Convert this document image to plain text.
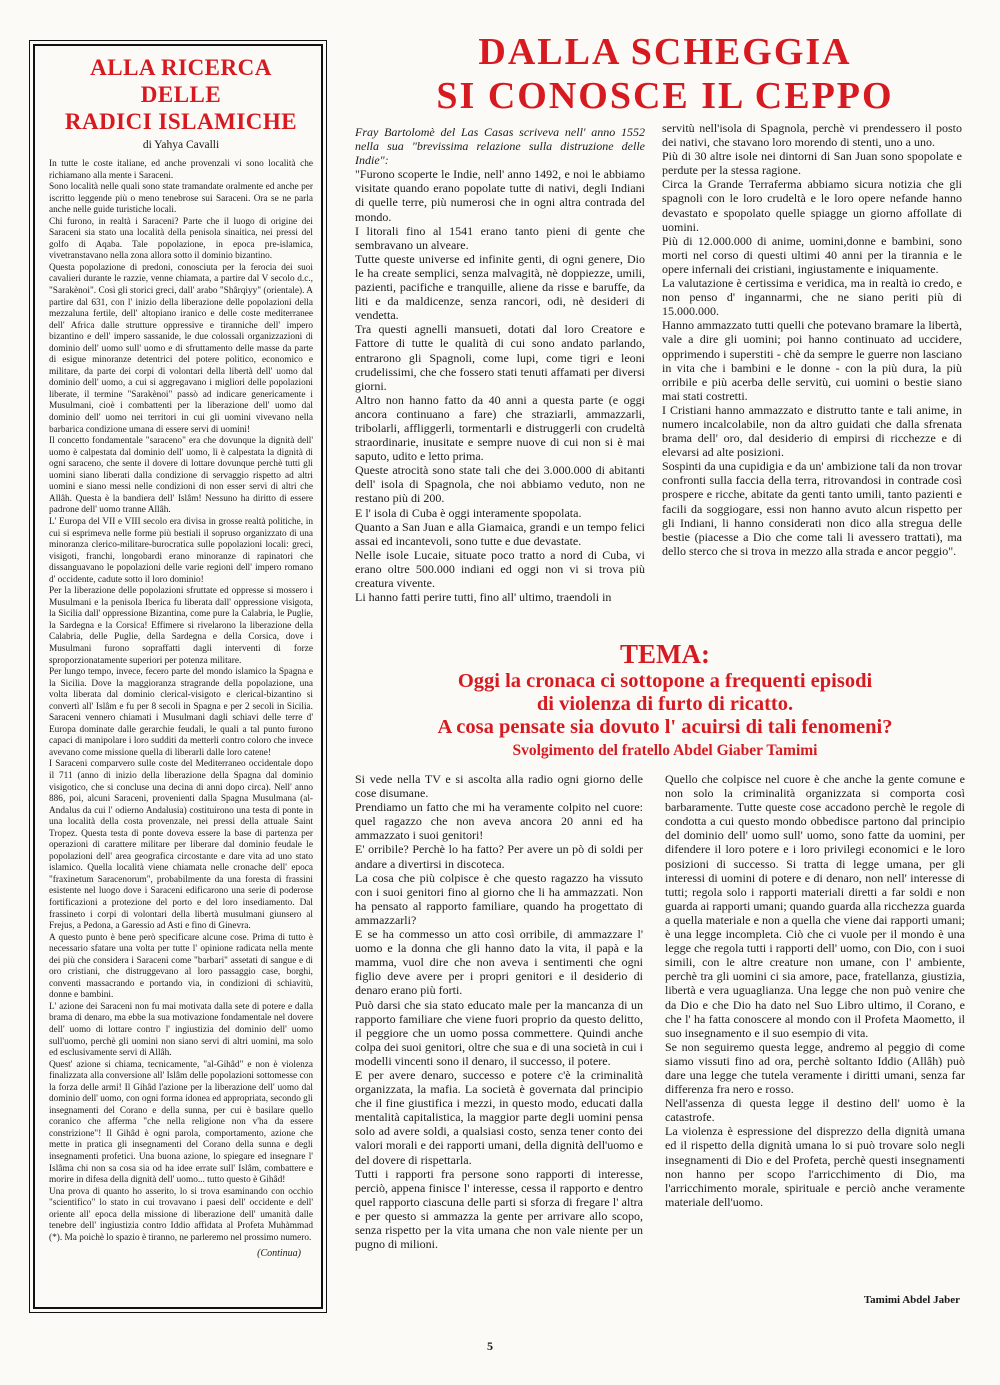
ALLA RICERCA DELLE
RADICI ISLAMICHE
di Yahya Cavalli

In tutte le coste italiane, ed anche provenzali vi sono località che richiamano alla mente i Saraceni.

Sono località nelle quali sono state tramandate oralmente ed anche per iscritto leggende più o meno tenebrose sui Saraceni. Ora se ne parla anche nelle guide turistiche locali.

Chi furono, in realtà i Saraceni? Parte che il luogo di origine dei Saraceni sia stato una località della penisola sinaitica, nei pressi del golfo di Aqaba. Tale popolazione, in epoca pre-islamica, vivetranstavano nella zona allora sotto il dominio bizantino.

Questa popolazione di predoni, conosciuta per la ferocia dei suoi cavalieri durante le razzie, venne chiamata, a partire dal V secolo d.c., "Sarakènoi". Così gli storici greci, dall' arabo "Shârqiyy" (orientale). A partire dal 631, con l' inizio della liberazione delle popolazioni della mezzaluna fertile, dell' altopiano iranico e delle coste mediterranee dell' Africa dalle strutture oppressive e tiranniche dell' impero bizantino e dell' impero sassanide, le due colossali organizzazioni di dominio dell' uomo sull' uomo e di sfruttamento delle masse da parte di esigue minoranze detentrici del potere politico, economico e militare, da parte dei corpi di volontari della libertà dell' uomo dal dominio dell' uomo, a cui si aggregavano i migliori delle popolazioni liberate, il termine "Sarakènoi" passò ad indicare genericamente i Musulmani, cioè i combattenti per la liberazione dell' uomo dal dominio dell' uomo nei territori in cui gli uomini vivevano nella barbarica condizione umana di essere servi di uomini!

Il concetto fondamentale "saraceno" era che dovunque la dignità dell' uomo è calpestata dal dominio dell' uomo, lì è calpestata la dignità di ogni saraceno, che sente il dovere di lottare dovunque perchè tutti gli uomini siano liberati dalla condizione di servaggio rispetto ad altri uomini e siano messi nelle condizioni di non esser servi di altri che Allâh. Questa è la bandiera dell' Islâm! Nessuno ha diritto di essere padrone dell' uomo tranne Allâh.

L' Europa del VII e VIII secolo era divisa in grosse realtà politiche, in cui si esprimeva nelle forme più bestiali il sopruso organizzato di una minoranza clerico-militare-burocratica sulle popolazioni locali: greci, visigoti, franchi, longobardi erano minoranze di rapinatori che dissanguavano le popolazioni delle varie regioni dell' impero romano d' occidente, cadute sotto il loro dominio!

Per la liberazione delle popolazioni sfruttate ed oppresse si mossero i Musulmani e la penisola Iberica fu liberata dall' oppressione visigota, la Sicilia dall' oppressione Bizantina, come pure la Calabria, le Puglie, la Sardegna e la Corsica! Effimere si rivelarono la liberazione della Calabria, delle Puglie, della Sardegna e della Corsica, dove i Musulmani furono sopraffatti dagli interventi di forze sproporzionatamente superiori per potenza militare.

Per lungo tempo, invece, fecero parte del mondo islamico la Spagna e la Sicilia. Dove la maggioranza stragrande della popolazione, una volta liberata dal dominio clerical-visigoto e clerical-bizantino si convertì all' Islâm e fu per 8 secoli in Spagna e per 2 secoli in Sicilia. Saraceni vennero chiamati i Musulmani dagli schiavi delle terre d' Europa dominate dalle gerarchie feudali, le quali a tal punto furono capaci di manipolare i loro sudditi da metterli contro coloro che invece avevano come missione quella di liberarli dalle loro catene!

I Saraceni comparvero sulle coste del Mediterraneo occidentale dopo il 711 (anno di inizio della liberazione della Spagna dal dominio visigotico, che si concluse una decina di anni dopo circa). Nell' anno 886, poi, alcuni Saraceni, provenienti dalla Spagna Musulmana (al-Andalus da cui l' odierno Andalusia) costituirono una testa di ponte in una località della costa provenzale, nei pressi della attuale Saint Tropez. Questa testa di ponte doveva essere la base di partenza per operazioni di carattere militare per liberare dal dominio feudale le popolazioni dell' area geografica circostante e dare vita ad uno stato islamico. Quella località viene chiamata nelle cronache dell' epoca "fraxinetum Saracenorum", probabilmente da una foresta di frassini esistente nel luogo dove i Saraceni edificarono una serie di poderose fortificazioni a protezione del porto e del loro insediamento. Dal frassineto i corpi di volontari della libertà musulmani giunsero al Frejus, a Pedona, a Garessio ad Asti e fino di Ginevra.

A questo punto è bene però specificare alcune cose. Prima di tutto è necessario sfatare una volta per tutte l' opinione radicata nella mente dei più che considera i Saraceni come "barbari" assetati di sangue e di oro cristiani, che distruggevano al loro passaggio case, borghi, conventi massacrando e portando via, in condizioni di schiavitù, donne e bambini.

L' azione dei Saraceni non fu mai motivata dalla sete di potere e dalla brama di denaro, ma ebbe la sua motivazione fondamentale nel dovere dell' uomo di lottare contro l' ingiustizia del dominio dell' uomo sull'uomo, perchè gli uomini non siano servi di altri uomini, ma solo ed esclusivamente servi di Allâh.

Quest' azione si chiama, tecnicamente, "al-Gihâd" e non è violenza finalizzata alla conversione all' Islâm delle popolazioni sottomesse con la forza delle armi! Il Gihâd l'azione per la liberazione dell' uomo dal dominio dell' uomo, con ogni forma idonea ed appropriata, secondo gli insegnamenti del Corano e della sunna, per cui è basilare quello coranico che afferma "che nella religione non v'ha da essere constrizione"! Il Gihâd è ogni parola, comportamento, azione che mette in pratica gli insegnamenti del Corano della sunna e degli insegnamenti profetici. Una buona azione, lo spiegare ed insegnare l' Islâma chi non sa cosa sia od ha idee errate sull' Islâm, combattere e morire in difesa della dignità dell' uomo... tutto questo è Gihâd!

Una prova di quanto ho asserito, lo si trova esaminando con occhio "scientifico" lo stato in cui trovavano i paesi dell' occidente e dell' oriente all' epoca della missione di liberazione dell' umanità dalle tenebre dell' ingiustizia contro Iddio affidata al Profeta Muhàmmad (*). Ma poichè lo spazio è tiranno, ne parleremo nel prossimo numero.

(Continua)
DALLA SCHEGGIA
SI CONOSCE IL CEPPO

Fray Bartolomè del Las Casas scriveva nell' anno 1552 nella sua "brevissima relazione sulla distruzione delle Indie":

"Furono scoperte le Indie, nell' anno 1492, e noi le abbiamo visitate quando erano popolate tutte di nativi, degli Indiani di quelle terre, più numerosi che in ogni altra contrada del mondo.

I litorali fino al 1541 erano tanto pieni di gente che sembravano un alveare.

Tutte queste universe ed infinite genti, di ogni genere, Dio le ha create semplici, senza malvagità, nè doppiezze, umili, pazienti, pacifiche e tranquille, aliene da risse e baruffe, da liti e da maldicenze, senza rancori, odi, nè desideri di vendetta.

Tra questi agnelli mansueti, dotati dal loro Creatore e Fattore di tutte le qualità di cui sono andato parlando, entrarono gli Spagnoli, come lupi, come tigri e leoni crudelissimi, che che fossero stati tenuti affamati per diversi giorni.

Altro non hanno fatto da 40 anni a questa parte (e oggi ancora continuano a fare) che straziarli, ammazzarli, tribolarli, affliggerli, tormentarli e distruggerli con crudeltà straordinarie, inusitate e sempre nuove di cui non si è mai saputo, udito e letto prima.

Queste atrocità sono state tali che dei 3.000.000 di abitanti dell' isola di Spagnola, che noi abbiamo veduto, non ne restano più di 200.

E l' isola di Cuba è oggi interamente spopolata.

Quanto a San Juan e alla Giamaica, grandi e un tempo felici assai ed incantevoli, sono tutte e due devastate.

Nelle isole Lucaie, situate poco tratto a nord di Cuba, vi erano oltre 500.000 indiani ed oggi non vi si trova più creatura vivente.

Li hanno fatti perire tutti, fino all' ultimo, traendoli in

servitù nell'isola di Spagnola, perchè vi prendessero il posto dei nativi, che stavano loro morendo di stenti, uno a uno.

Più di 30 altre isole nei dintorni di San Juan sono spopolate e perdute per la stessa ragione.

Circa la Grande Terraferma abbiamo sicura notizia che gli spagnoli con le loro crudeltà e le loro opere nefande hanno devastato e spopolato quelle spiagge un giorno affollate di uomini.

Più di 12.000.000 di anime, uomini,donne e bambini, sono morti nel corso di questi ultimi 40 anni per la tirannia e le opere infernali dei cristiani, ingiustamente e iniquamente.

La valutazione è certissima e veridica, ma in realtà io credo, e non penso d' ingannarmi, che ne siano periti più di 15.000.000.

Hanno ammazzato tutti quelli che potevano bramare la libertà, vale a dire gli uomini; poi hanno continuato ad uccidere, opprimendo i superstiti - chè da sempre le guerre non lasciano in vita che i bambini e le donne - con la più dura, la più orribile e più acerba delle servitù, cui uomini o bestie siano mai stati costretti.

I Cristiani hanno ammazzato e distrutto tante e tali anime, in numero incalcolabile, non da altro guidati che dalla sfrenata brama dell' oro, dal desiderio di empirsi di ricchezze e di elevarsi ad alte posizioni.

Sospinti da una cupidigia e da un' ambizione tali da non trovar confronti sulla faccia della terra, ritrovandosi in contrade così prospere e ricche, abitate da genti tanto umili, tanto pazienti e facili da soggiogare, essi non hanno avuto alcun rispetto per gli Indiani, li hanno considerati non dico alla stregua delle bestie (piacesse a Dio che come tali li avessero trattati), ma dello sterco che si trova in mezzo alla strada e ancor peggio".

TEMA:

Oggi la cronaca ci sottopone a frequenti episodi

di violenza di furto di ricatto.

A cosa pensate sia dovuto l' acuirsi di tali fenomeni?

Svolgimento del fratello Abdel Giaber Tamimi

Si vede nella TV e si ascolta alla radio ogni giorno delle cose disumane.

Prendiamo un fatto che mi ha veramente colpito nel cuore: quel ragazzo che non aveva ancora 20 anni ed ha ammazzato i suoi genitori!

E' orribile? Perchè lo ha fatto? Per avere un pò di soldi per andare a divertirsi in discoteca.

La cosa che più colpisce è che questo ragazzo ha vissuto con i suoi genitori fino al giorno che li ha ammazzati. Non ha pensato al rapporto familiare, quando ha progettato di ammazzarli?

E se ha commesso un atto così orribile, di ammazzare l' uomo e la donna che gli hanno dato la vita, il papà e la mamma, vuol dire che non aveva i sentimenti che ogni figlio deve avere per i propri genitori e il desiderio di denaro erano più forti.

Può darsi che sia stato educato male per la mancanza di un rapporto familiare che viene fuori proprio da questo delitto, il peggiore che un uomo possa commettere. Quindi anche colpa dei suoi genitori, oltre che sua e di una società in cui i modelli vincenti sono il denaro, il successo, il potere.

E per avere denaro, successo e potere c'è la criminalità organizzata, la mafia. La società è governata dal principio che il fine giustifica i mezzi, in questo modo, educati dalla mentalità capitalistica, la maggior parte degli uomini pensa solo ad avere soldi, a qualsiasi costo, senza tener conto dei valori morali e dei rapporti umani, della dignità dell'uomo e del dovere di rispettarla.

Tutti i rapporti fra persone sono rapporti di interesse, perciò, appena finisce l' interesse, cessa il rapporto e dentro quel rapporto ciascuna delle parti si sforza di fregare l' altra e per questo si ammazza la gente per arrivare allo scopo, senza rispetto per la vita umana che non vale niente per un pugno di milioni.

Quello che colpisce nel cuore è che anche la gente comune e non solo la criminalità organizzata si comporta così barbaramente. Tutte queste cose accadono perchè le regole di condotta a cui questo mondo obbedisce partono dal principio del dominio dell' uomo sull' uomo, sono fatte da uomini, per difendere il loro potere e i loro privilegi economici e le loro posizioni di successo. Si tratta di legge umana, per gli interessi di uomini di potere e di denaro, non nell' interesse di tutti; regola solo i rapporti materiali diretti a far soldi e non guarda ai rapporti umani; quando guarda alla ricchezza guarda a quella materiale e non a quella che viene dai rapporti umani; è una legge incompleta. Ciò che ci vuole per il mondo è una legge che regola tutti i rapporti dell' uomo, con Dio, con i suoi simili, con le altre creature non umane, con l' ambiente, perchè tra gli uomini ci sia amore, pace, fratellanza, giustizia, libertà e vera uguaglianza. Una legge che non può venire che da Dio e che Dio ha dato nel Suo Libro ultimo, il Corano, e che l' ha fatta conoscere al mondo con il Profeta Maometto, il suo insegnamento e il suo esempio di vita.

Se non seguiremo questa legge, andremo al peggio di come siamo vissuti fino ad ora, perchè soltanto Iddio (Allâh) può dare una legge che tutela veramente i diritti umani, senza far differenza fra nero e rosso.

Nell'assenza di questa legge il destino dell' uomo è la catastrofe.

La violenza è espressione del disprezzo della dignità umana ed il rispetto della dignità umana lo si può trovare solo negli insegnamenti di Dio e del Profeta, perchè questi insegnamenti non hanno per scopo l'arricchimento di Dio, ma l'arricchimento morale, spirituale e perciò anche veramente materiale dell'uomo.

Tamimi Abdel Jaber
5
